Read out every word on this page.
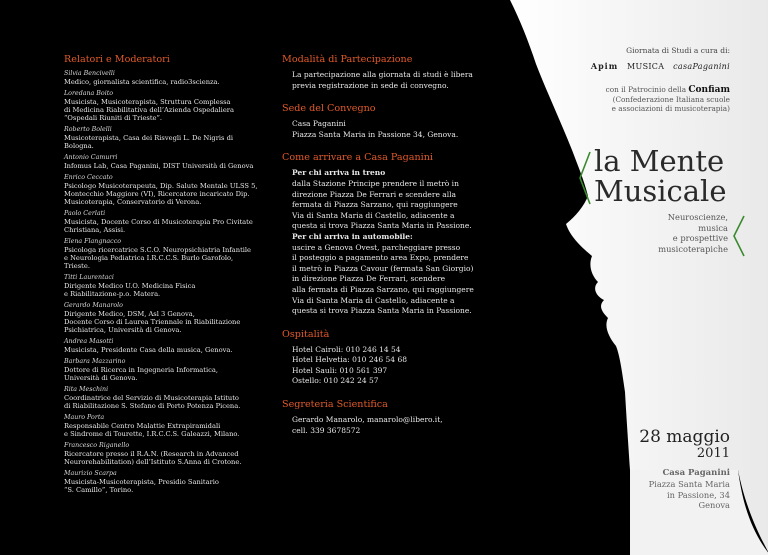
Relatori e Moderatori
Silvia Bencivelli
Medico, giornalista scientifica, radio3scienza.
Loredana Boito
Musicista, Musicoterapista, Struttura Complessa
di Medicina Riabilitativa dell’Azienda Ospedaliera
“Ospedali Riuniti di Trieste”.
Roberto Bolelli
Musicoterapista, Casa dei Risvegli L. De Nigris di Bologna.
Antonio Camurri
Infomus Lab, Casa Paganini, DIST Università di Genova
Enrico Ceccato
Psicologo Musicoterapeuta, Dip. Salute Mentale ULSS 5,
Montecchio Maggiore (VI), Ricercatore incaricato Dip.
Musicoterapia, Conservatorio di Verona.
Paolo Cerlati
Musicista, Docente Corso di Musicoterapia Pro Civitate
Christiana, Assisi.
Elena Flangnacco
Psicologa ricercatrice S.C.O. Neuropsichiatria Infantile
e Neurologia Pediatrica I.R.C.C.S. Burlo Garofolo, Trieste.
Titti Laurentaci
Dirigente Medico U.O. Medicina Fisica
e Riabilitazione-p.o. Matera.
Gerardo Manarolo
Dirigente Medico, DSM, Asl 3 Genova,
Docente Corso di Laurea Triennale in Riabilitazione
Psichiatrica, Università di Genova.
Andrea Masotti
Musicista, Presidente Casa della musica, Genova.
Barbara Mazzarino
Dottore di Ricerca in Ingegneria Informatica,
Università di Genova.
Rita Meschini
Coordinatrice del Servizio di Musicoterapia Istituto
di Riabilitazione S. Stefano di Porto Potenza Picena.
Mauro Porta
Responsabile Centro Malattie Extrapiramidali
e Sindrome di Tourette, I.R.C.C.S. Galeazzi, Milano.
Francesco Riganello
Ricercatore presso il R.A.N. (Research in Advanced
Neurorehabilitation) dell’Istituto S.Anna di Crotone.
Maurizio Scarpa
Musicista-Musicoterapista, Presidio Sanitario
“S. Camillo”, Torino.
Modalità di Partecipazione
La partecipazione alla giornata di studi è libera
previa registrazione in sede di convegno.
Sede del Convegno
Casa Paganini
Piazza Santa Maria in Passione 34, Genova.
Come arrivare a Casa Paganini
Per chi arriva in treno
dalla Stazione Principe prendere il metrò in
direzione Piazza De Ferrari e scendere alla
fermata di Piazza Sarzano, qui raggiungere
Via di Santa Maria di Castello, adiacente a
questa si trova Piazza Santa Maria in Passione.
Per chi arriva in automobile:
uscire a Genova Ovest, parcheggiare presso
il posteggio a pagamento area Expo, prendere
il metrò in Piazza Cavour (fermata San Giorgio)
in direzione Piazza De Ferrari, scendere
alla fermata di Piazza Sarzano, qui raggiungere
Via di Santa Maria di Castello, adiacente a
questa si trova Piazza Santa Maria in Passione.
Ospitalità
Hotel Cairoli: 010 246 14 54
Hotel Helvetia: 010 246 54 68
Hotel Sauli: 010 561 397
Ostello: 010 242 24 57
Segreteria Scientifica
Gerardo Manarolo, manarolo@libero.it,
cell. 339 3678572
Giornata di Studi a cura di:
Apim MUSICA casaPaganini
con il Patrocinio della Confiam
(Confederazione Italiana scuole
e associazioni di musicoterapia)
la Mente
Musicale
Neuroscienze,
musica
e prospettive
musicoterapiche
28 maggio
2011
Casa Paganini
Piazza Santa Maria
in Passione, 34
Genova
